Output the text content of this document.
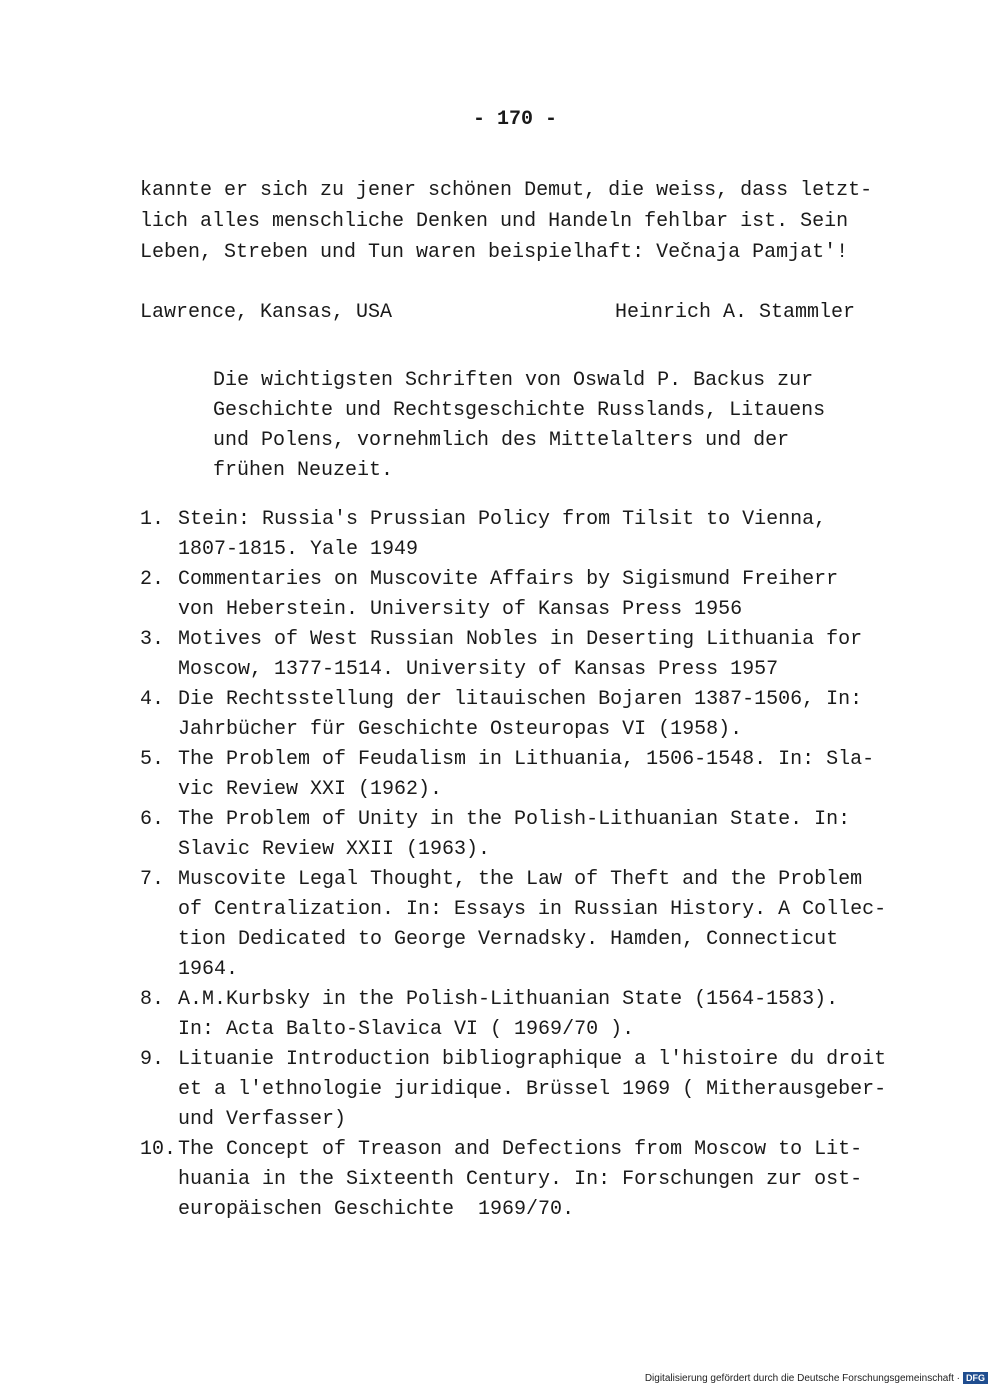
- 170 -
kannte er sich zu jener schönen Demut, die weiss, dass letzt-
lich alles menschliche Denken und Handeln fehlbar ist. Sein
Leben, Streben und Tun waren beispielhaft: Večnaja Pamjat'!
Lawrence, Kansas, USA	Heinrich A. Stammler
Die wichtigsten Schriften von Oswald P. Backus zur
Geschichte und Rechtsgeschichte Russlands, Litauens
und Polens, vornehmlich des Mittelalters und der
frühen Neuzeit.
1. Stein: Russia's Prussian Policy from Tilsit to Vienna,
1807-1815. Yale 1949
2. Commentaries on Muscovite Affairs by Sigismund Freiherr
von Heberstein. University of Kansas Press 1956
3. Motives of West Russian Nobles in Deserting Lithuania for
Moscow, 1377-1514. University of Kansas Press 1957
4. Die Rechtsstellung der litauischen Bojaren 1387-1506, In:
Jahrbücher für Geschichte Osteuropas VI (1958).
5. The Problem of Feudalism in Lithuania, 1506-1548. In: Sla-
vic Review XXI (1962).
6. The Problem of Unity in the Polish-Lithuanian State. In:
Slavic Review XXII (1963).
7. Muscovite Legal Thought, the Law of Theft and the Problem
of Centralization. In: Essays in Russian History. A Collec-
tion Dedicated to George Vernadsky. Hamden, Connecticut
1964.
8. A.M.Kurbsky in the Polish-Lithuanian State (1564-1583).
In: Acta Balto-Slavica VI ( 1969/70 ).
9. Lituanie Introduction bibliographique a l'histoire du droit
et a l'ethnologie juridique. Brüssel 1969 ( Mitherausgeber-
und Verfasser)
10. The Concept of Treason and Defections from Moscow to Lit-
huania in the Sixteenth Century. In: Forschungen zur ost-
europäischen Geschichte  1969/70.
Digitalisierung gefördert durch die Deutsche Forschungsgemeinschaft · DFG
